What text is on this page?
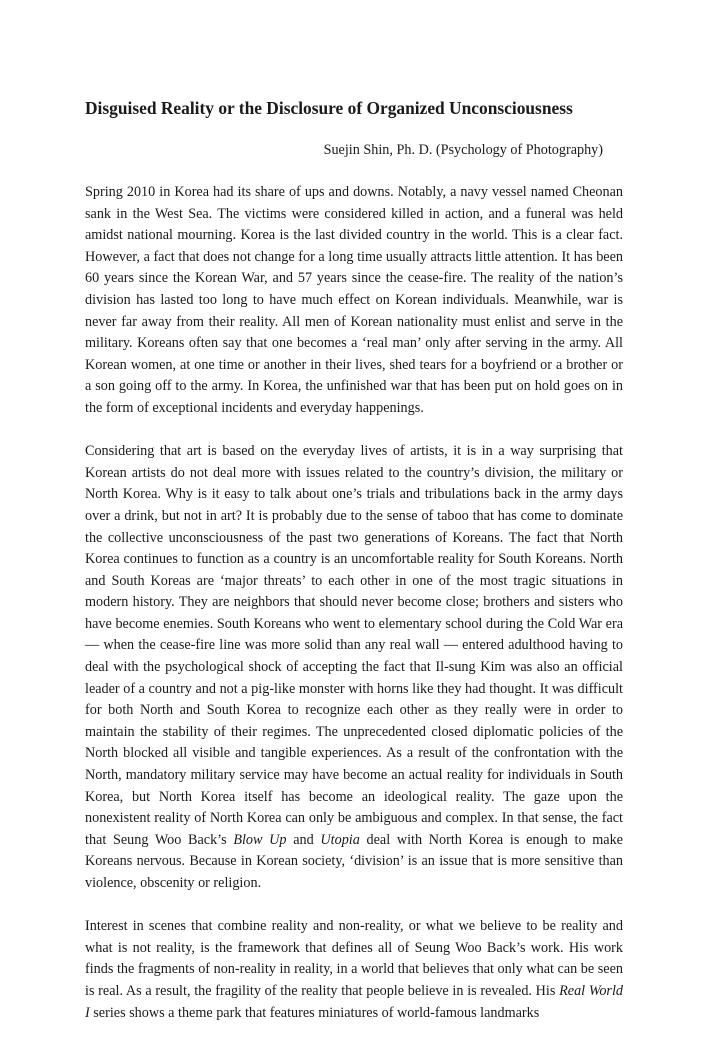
Disguised Reality or the Disclosure of Organized Unconsciousness
Suejin Shin, Ph. D. (Psychology of Photography)

Spring 2010 in Korea had its share of ups and downs. Notably, a navy vessel named Cheonan sank in the West Sea. The victims were considered killed in action, and a funeral was held amidst national mourning. Korea is the last divided country in the world. This is a clear fact. However, a fact that does not change for a long time usually attracts little attention. It has been 60 years since the Korean War, and 57 years since the cease-fire. The reality of the nation’s division has lasted too long to have much effect on Korean individuals. Meanwhile, war is never far away from their reality. All men of Korean nationality must enlist and serve in the military. Koreans often say that one becomes a ‘real man’ only after serving in the army. All Korean women, at one time or another in their lives, shed tears for a boyfriend or a brother or a son going off to the army. In Korea, the unfinished war that has been put on hold goes on in the form of exceptional incidents and everyday happenings.

Considering that art is based on the everyday lives of artists, it is in a way surprising that Korean artists do not deal more with issues related to the country’s division, the military or North Korea. Why is it easy to talk about one’s trials and tribulations back in the army days over a drink, but not in art? It is probably due to the sense of taboo that has come to dominate the collective unconsciousness of the past two generations of Koreans. The fact that North Korea continues to function as a country is an uncomfortable reality for South Koreans. North and South Koreas are ‘major threats’ to each other in one of the most tragic situations in modern history. They are neighbors that should never become close; brothers and sisters who have become enemies. South Koreans who went to elementary school during the Cold War era — when the cease-fire line was more solid than any real wall — entered adulthood having to deal with the psychological shock of accepting the fact that Il-sung Kim was also an official leader of a country and not a pig-like monster with horns like they had thought. It was difficult for both North and South Korea to recognize each other as they really were in order to maintain the stability of their regimes. The unprecedented closed diplomatic policies of the North blocked all visible and tangible experiences. As a result of the confrontation with the North, mandatory military service may have become an actual reality for individuals in South Korea, but North Korea itself has become an ideological reality. The gaze upon the nonexistent reality of North Korea can only be ambiguous and complex. In that sense, the fact that Seung Woo Back’s Blow Up and Utopia deal with North Korea is enough to make Koreans nervous. Because in Korean society, ‘division’ is an issue that is more sensitive than violence, obscenity or religion.

Interest in scenes that combine reality and non-reality, or what we believe to be reality and what is not reality, is the framework that defines all of Seung Woo Back’s work. His work finds the fragments of non-reality in reality, in a world that believes that only what can be seen is real. As a result, the fragility of the reality that people believe in is revealed. His Real World I series shows a theme park that features miniatures of world-famous landmarks
